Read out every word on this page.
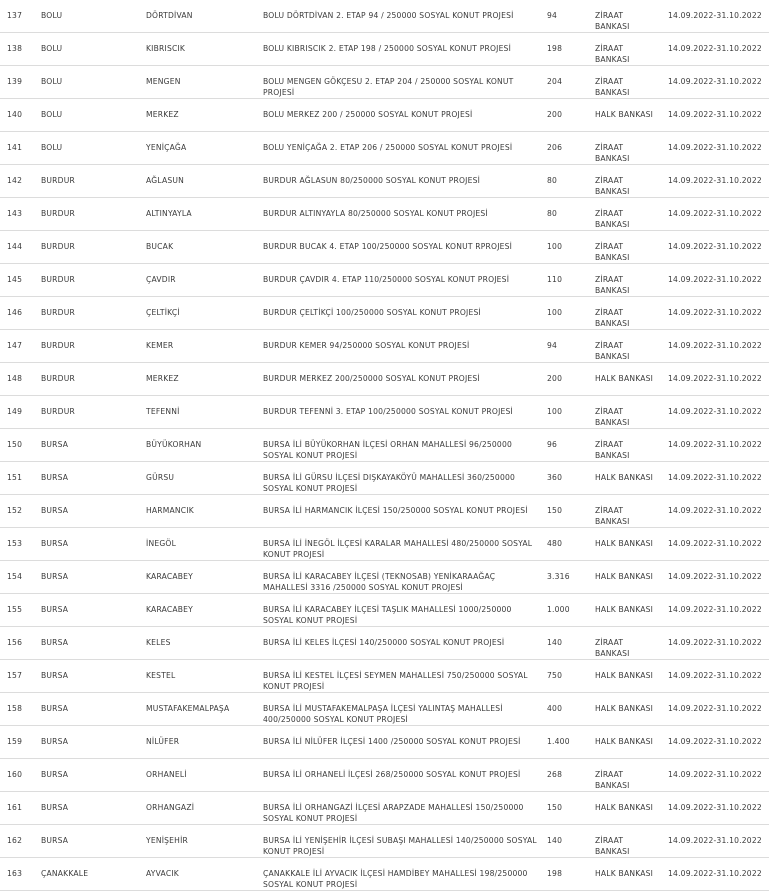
137	BOLU	DÖRTDİVAN	BOLU DÖRTDİVAN 2. ETAP 94 / 250000 SOSYAL KONUT PROJESİ	94	ZİRAAT BANKASI	14.09.2022-31.10.2022
138	BOLU	KIBRISCIK	BOLU KIBRISCIK 2. ETAP 198 / 250000 SOSYAL KONUT PROJESİ	198	ZİRAAT BANKASI	14.09.2022-31.10.2022
139	BOLU	MENGEN	BOLU MENGEN GÖKÇESU 2. ETAP 204 / 250000 SOSYAL KONUT PROJESİ	204	ZİRAAT BANKASI	14.09.2022-31.10.2022
140	BOLU	MERKEZ	BOLU MERKEZ 200 / 250000 SOSYAL KONUT PROJESİ	200	HALK BANKASI	14.09.2022-31.10.2022
141	BOLU	YENİÇAĞA	BOLU YENİÇAĞA 2. ETAP 206 / 250000 SOSYAL KONUT PROJESİ	206	ZİRAAT BANKASI	14.09.2022-31.10.2022
142	BURDUR	AĞLASUN	BURDUR AĞLASUN 80/250000 SOSYAL KONUT PROJESİ	80	ZİRAAT BANKASI	14.09.2022-31.10.2022
143	BURDUR	ALTINYAYLA	BURDUR ALTINYAYLA 80/250000 SOSYAL KONUT PROJESİ	80	ZİRAAT BANKASI	14.09.2022-31.10.2022
144	BURDUR	BUCAK	BURDUR BUCAK 4. ETAP 100/250000 SOSYAL KONUT RPROJESİ	100	ZİRAAT BANKASI	14.09.2022-31.10.2022
145	BURDUR	ÇAVDIR	BURDUR ÇAVDIR 4. ETAP 110/250000 SOSYAL KONUT PROJESİ	110	ZİRAAT BANKASI	14.09.2022-31.10.2022
146	BURDUR	ÇELTİKÇİ	BURDUR ÇELTİKÇİ 100/250000 SOSYAL KONUT PROJESİ	100	ZİRAAT BANKASI	14.09.2022-31.10.2022
147	BURDUR	KEMER	BURDUR KEMER 94/250000 SOSYAL KONUT PROJESİ	94	ZİRAAT BANKASI	14.09.2022-31.10.2022
148	BURDUR	MERKEZ	BURDUR MERKEZ 200/250000 SOSYAL KONUT PROJESİ	200	HALK BANKASI	14.09.2022-31.10.2022
149	BURDUR	TEFENNİ	BURDUR TEFENNİ 3. ETAP 100/250000 SOSYAL KONUT PROJESİ	100	ZİRAAT BANKASI	14.09.2022-31.10.2022
150	BURSA	BÜYÜKORHAN	BURSA İLİ BÜYÜKORHAN İLÇESİ ORHAN MAHALLESİ 96/250000 SOSYAL KONUT PROJESİ	96	ZİRAAT BANKASI	14.09.2022-31.10.2022
151	BURSA	GÜRSU	BURSA İLİ GÜRSU İLÇESİ DIŞKAYAKÖYÜ MAHALLESİ 360/250000 SOSYAL KONUT PROJESİ	360	HALK BANKASI	14.09.2022-31.10.2022
152	BURSA	HARMANCIK	BURSA İLİ HARMANCIK İLÇESİ 150/250000 SOSYAL KONUT PROJESİ	150	ZİRAAT BANKASI	14.09.2022-31.10.2022
153	BURSA	İNEGÖL	BURSA İLİ İNEGÖL İLÇESİ KARALAR MAHALLESİ 480/250000 SOSYAL KONUT PROJESİ	480	HALK BANKASI	14.09.2022-31.10.2022
154	BURSA	KARACABEY	BURSA İLİ KARACABEY İLÇESİ (TEKNOSAB) YENİKARAAĞAÇ MAHALLESİ 3316 /250000 SOSYAL KONUT PROJESİ	3.316	HALK BANKASI	14.09.2022-31.10.2022
155	BURSA	KARACABEY	BURSA İLİ KARACABEY İLÇESİ TAŞLIK MAHALLESİ 1000/250000 SOSYAL KONUT PROJESİ	1.000	HALK BANKASI	14.09.2022-31.10.2022
156	BURSA	KELES	BURSA İLİ KELES İLÇESİ 140/250000 SOSYAL KONUT PROJESİ	140	ZİRAAT BANKASI	14.09.2022-31.10.2022
157	BURSA	KESTEL	BURSA İLİ KESTEL İLÇESİ SEYMEN MAHALLESİ 750/250000 SOSYAL KONUT PROJESİ	750	HALK BANKASI	14.09.2022-31.10.2022
158	BURSA	MUSTAFAKEMALPAŞA	BURSA İLİ MUSTAFAKEMALPAŞA İLÇESİ YALINTAŞ MAHALLESİ 400/250000 SOSYAL KONUT PROJESİ	400	HALK BANKASI	14.09.2022-31.10.2022
159	BURSA	NİLÜFER	BURSA İLİ NİLÜFER İLÇESİ 1400 /250000 SOSYAL KONUT PROJESİ	1.400	HALK BANKASI	14.09.2022-31.10.2022
160	BURSA	ORHANELİ	BURSA İLİ ORHANELİ İLÇESİ 268/250000 SOSYAL KONUT PROJESİ	268	ZİRAAT BANKASI	14.09.2022-31.10.2022
161	BURSA	ORHANGAZİ	BURSA İLİ ORHANGAZİ İLÇESİ ARAPZADE MAHALLESİ 150/250000 SOSYAL KONUT PROJESİ	150	HALK BANKASI	14.09.2022-31.10.2022
162	BURSA	YENİŞEHİR	BURSA İLİ YENİŞEHİR İLÇESİ SUBAŞI MAHALLESİ 140/250000 SOSYAL KONUT PROJESİ	140	ZİRAAT BANKASI	14.09.2022-31.10.2022
163	ÇANAKKALE	AYVACIK	ÇANAKKALE İLİ AYVACIK İLÇESİ HAMDİBEY MAHALLESİ 198/250000 SOSYAL KONUT PROJESİ	198	HALK BANKASI	14.09.2022-31.10.2022
